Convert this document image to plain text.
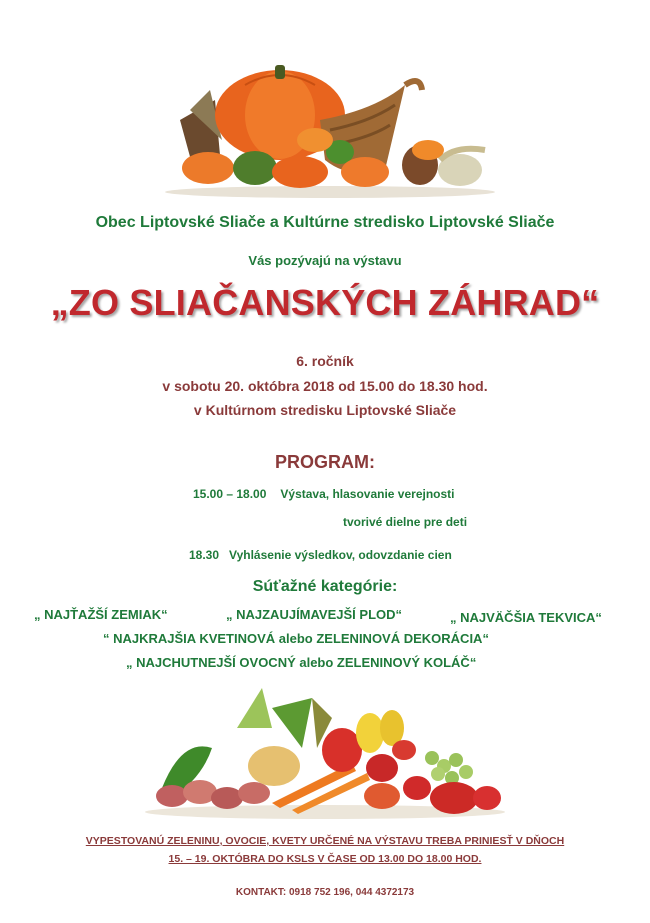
Obec Liptovské Sliače a Kultúrne stredisko Liptovské Sliače
Vás pozývajú na výstavu
„ZO SLIAČANSKÝCH ZÁHRAD“
6. ročník
v sobotu 20. októbra 2018 od 15.00 do 18.30 hod.
v Kultúrnom stredisku Liptovské Sliače
PROGRAM:
15.00 – 18.00 Výstava, hlasovanie verejnosti
tvorivé dielne pre deti
18.30 Vyhlásenie výsledkov, odovzdanie cien
Súťažné kategórie:
„ NAJŤAŽŠÍ ZEMIAK“	„ NAJZAUJÍMAVEJŠÍ PLOD“	„ NAJVÄČŠIA TEKVICA“
“ NAJKRAJŠIA KVETINOVÁ alebo ZELENINOVÁ DEKORÁCIA“
„ NAJCHUTNEJŠÍ OVOCNÝ alebo ZELENINOVÝ KOLÁČ“
VYPESTOVANÚ ZELENINU, OVOCIE, KVETY URČENÉ NA VÝSTAVU TREBA PRINIESŤ V DŇOCH
15. – 19. OKTÓBRA DO KSLS V ČASE OD 13.00 DO 18.00 HOD.
KONTAKT: 0918 752 196, 044 4372173
